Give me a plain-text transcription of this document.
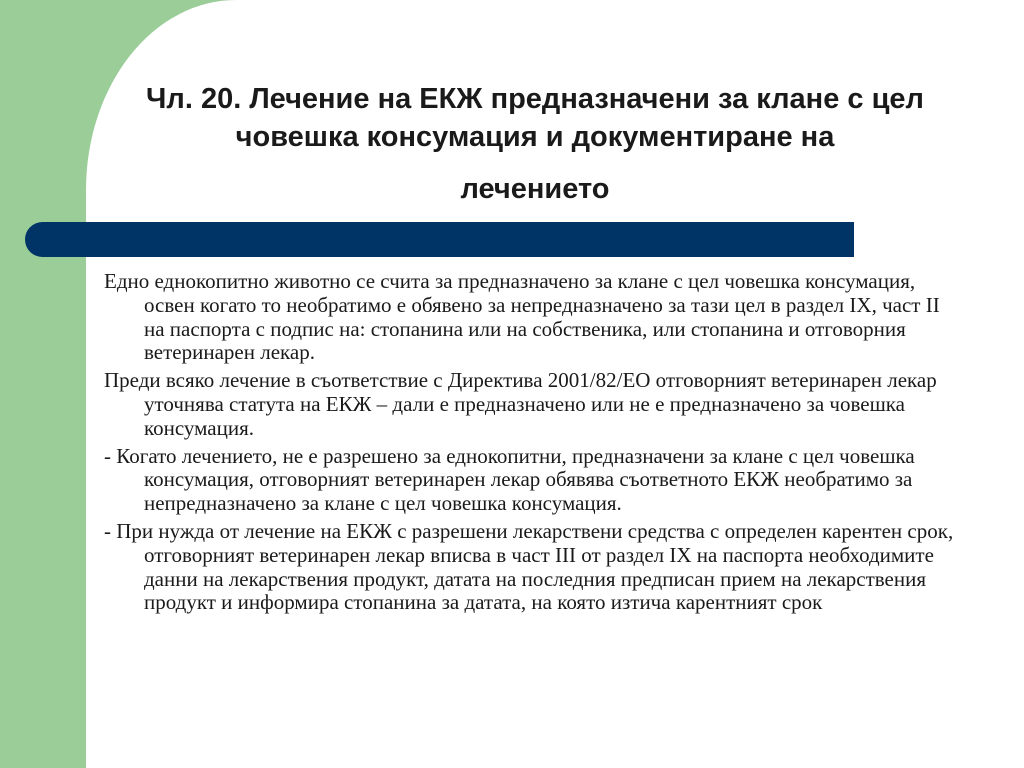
Чл. 20. Лечение на ЕКЖ предназначени за клане с цел човешка консумация и документиране на
лечението

Едно еднокопитно животно се счита за предназначено за клане с цел човешка консумация, освен когато то необратимо е обявено за непредназначено за тази цел в раздел IX, част II на паспорта с подпис на: стопанина или на собственика, или стопанина и отговорния ветеринарен лекар.

Преди всяко лечение в съответствие с Директива 2001/82/ЕО отговорният ветеринарен лекар уточнява статута на ЕКЖ – дали е предназначено или не е предназначено за човешка консумация.

- Когато лечението, не е разрешено за еднокопитни, предназначени за клане с цел човешка консумация, отговорният ветеринарен лекар обявява съответното ЕКЖ необратимо за непредназначено за клане с цел човешка консумация.

- При нужда от лечение на ЕКЖ с разрешени лекарствени средства с определен карентен срок, отговорният ветеринарен лекар вписва в част III от раздел IX на паспорта необходимите данни на лекарствения продукт, датата на последния предписан прием на лекарствения продукт и информира стопанина за датата, на която изтича карентният срок
